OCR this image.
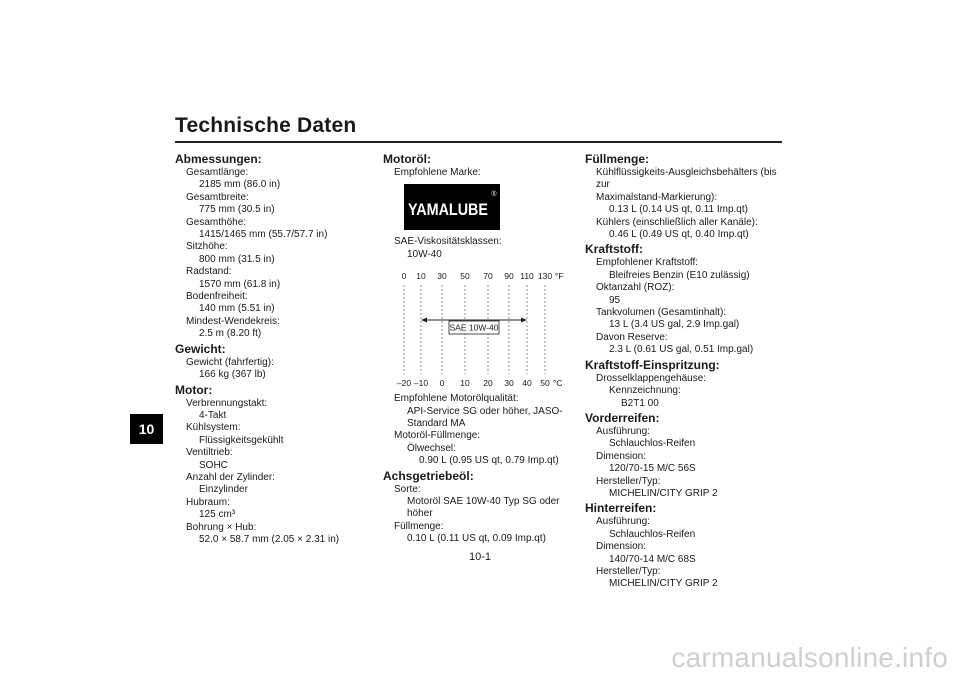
Technische Daten
10
Abmessungen:
Gesamtlänge:
2185 mm (86.0 in)
Gesamtbreite:
775 mm (30.5 in)
Gesamthöhe:
1415/1465 mm (55.7/57.7 in)
Sitzhöhe:
800 mm (31.5 in)
Radstand:
1570 mm (61.8 in)
Bodenfreiheit:
140 mm (5.51 in)
Mindest-Wendekreis:
2.5 m (8.20 ft)
Gewicht:
Gewicht (fahrfertig):
166 kg (367 lb)
Motor:
Verbrennungstakt:
4-Takt
Kühlsystem:
Flüssigkeitsgekühlt
Ventiltrieb:
SOHC
Anzahl der Zylinder:
Einzylinder
Hubraum:
125 cm³
Bohrung × Hub:
52.0 × 58.7 mm (2.05 × 2.31 in)
Motoröl:
Empfohlene Marke:
YAMALUBE
®
SAE-Viskositätsklassen:
10W-40
0 10 30 50 70 90 110 130 °F
–20 –10 0 10 20 30 40 50 °C
SAE 10W-40
Empfohlene Motorölqualität:
API-Service SG oder höher, JASO-
Standard MA
Motoröl-Füllmenge:
Ölwechsel:
0.90 L (0.95 US qt, 0.79 Imp.qt)
Achsgetriebeöl:
Sorte:
Motoröl SAE 10W-40 Typ SG oder höher
Füllmenge:
0.10 L (0.11 US qt, 0.09 Imp.qt)
Füllmenge:
Kühlflüssigkeits-Ausgleichsbehälters (bis zur
Maximalstand-Markierung):
0.13 L (0.14 US qt, 0.11 Imp.qt)
Kühlers (einschließlich aller Kanäle):
0.46 L (0.49 US qt, 0.40 Imp.qt)
Kraftstoff:
Empfohlener Kraftstoff:
Bleifreies Benzin (E10 zulässig)
Oktanzahl (ROZ):
95
Tankvolumen (Gesamtinhalt):
13 L (3.4 US gal, 2.9 Imp.gal)
Davon Reserve:
2.3 L (0.61 US gal, 0.51 Imp.gal)
Kraftstoff-Einspritzung:
Drosselklappengehäuse:
Kennzeichnung:
B2T1 00
Vorderreifen:
Ausführung:
Schlauchlos-Reifen
Dimension:
120/70-15 M/C 56S
Hersteller/Typ:
MICHELIN/CITY GRIP 2
Hinterreifen:
Ausführung:
Schlauchlos-Reifen
Dimension:
140/70-14 M/C 68S
Hersteller/Typ:
MICHELIN/CITY GRIP 2
10-1
carmanualsonline.info
